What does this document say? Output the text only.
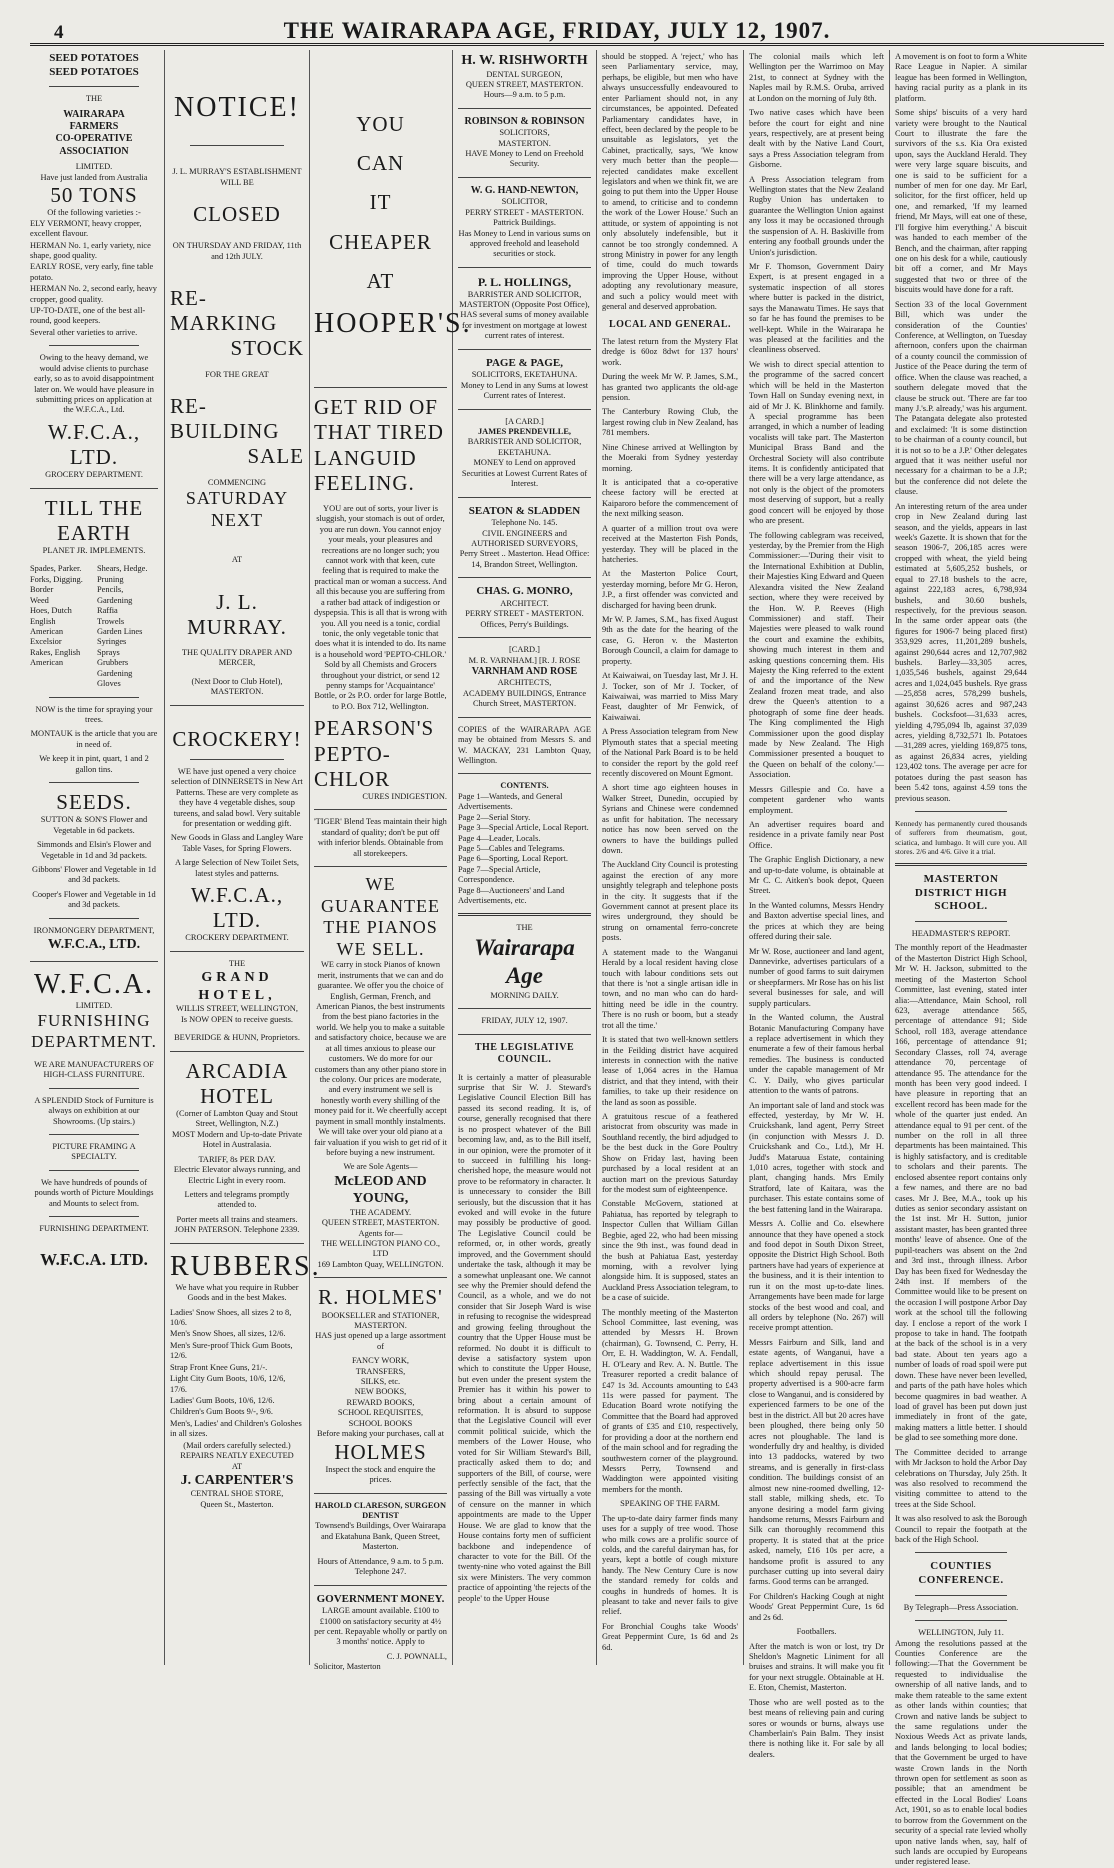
4	THE WAIRARAPA AGE, FRIDAY, JULY 12, 1907.
SEED POTATOES
SEED POTATOES
THE
WAIRARAPA
FARMERS
CO-OPERATIVE
ASSOCIATION
LIMITED.
Have just landed from Australia
50 TONS
Of the following varieties :-
ELY VERMONT, heavy cropper, excellent flavour.
HERMAN No. 1, early variety, nice shape, good quality.
EARLY ROSE, very early, fine table potato.
HERMAN No. 2, second early, heavy cropper, good quality.
UP-TO-DATE, one of the best all-round, good keepers.
Several other varieties to arrive.

Owing to the heavy demand, we would advise clients to purchase early, so as to avoid disappointment later on. We would have pleasure in submitting prices on application at the W.F.C.A., Ltd.

W.F.C.A., LTD.
GROCERY DEPARTMENT.
TILL THE EARTH
PLANET JR. IMPLEMENTS.
Spades, Parker.
Forks, Digging.
Border
Weed
Hoes, Dutch
English
American
Excelsior
Rakes, English
American
Shears, Hedge.
Pruning
Pencils, Gardening
Raffia
Trowels
Garden Lines
Syringes
Sprays
Grubbers
Gardening Gloves

NOW is the time for spraying your trees.

MONTAUK is the article that you are in need of.

We keep it in pint, quart, 1 and 2 gallon tins.

SEEDS.

SUTTON & SON'S Flower and Vegetable in 6d packets.

Simmonds and Elsin's Flower and Vegetable in 1d and 3d packets.

Gibbons' Flower and Vegetable in 1d and 3d packets.

Cooper's Flower and Vegetable in 1d and 3d packets.

IRONMONGERY DEPARTMENT,
W.F.C.A., LTD.
W.F.C.A.
LIMITED.
FURNISHING DEPARTMENT.
WE ARE MANUFACTURERS OF HIGH-CLASS FURNITURE.

A SPLENDID Stock of Furniture is always on exhibition at our Showrooms. (Up stairs.)

PICTURE FRAMING A SPECIALTY.

We have hundreds of pounds of pounds worth of Picture Mouldings and Mounts to select from.

FURNISHING DEPARTMENT.
W.F.C.A. LTD.
NOTICE!
J. L. MURRAY'S ESTABLISHMENT
WILL BE
CLOSED
ON THURSDAY AND FRIDAY, 11th and 12th JULY.
RE-MARKING
STOCK
FOR THE GREAT
RE-BUILDING
SALE
COMMENCING
SATURDAY NEXT
AT
J. L. MURRAY.
THE QUALITY DRAPER AND MERCER,
(Next Door to Club Hotel), MASTERTON.
CROCKERY!

WE have just opened a very choice selection of DINNERSETS in New Art Patterns. These are very complete as they have 4 vegetable dishes, soup tureens, and salad bowl. Very suitable for presentation or wedding gift.

New Goods in Glass and Langley Ware Table Vases, for Spring Flowers.

A large Selection of New Toilet Sets, latest styles and patterns.

W.F.C.A., LTD.
CROCKERY DEPARTMENT.
THE
GRAND HOTEL,
WILLIS STREET, WELLINGTON,
Is NOW OPEN to receive guests.
BEVERIDGE & HUNN, Proprietors.
ARCADIA HOTEL
(Corner of Lambton Quay and Stout Street, Wellington, N.Z.)

MOST Modern and Up-to-date Private Hotel in Australasia.

TARIFF, 8s PER DAY.

Electric Elevator always running, and Electric Light in every room.

Letters and telegrams promptly attended to.

Porter meets all trains and steamers. JOHN PATERSON. Telephone 2339.

RUBBERS.

We have what you require in Rubber Goods and in the best Makes.

Ladies' Snow Shoes, all sizes 2 to 8, 10/6.
Men's Snow Shoes, all sizes, 12/6.
Men's Sure-proof Thick Gum Boots, 12/6.
Strap Front Knee Guns, 21/-.
Light City Gum Boots, 10/6, 12/6, 17/6.
Ladies' Gum Boots, 10/6, 12/6.
Children's Gum Boots 9/-, 9/6.
Men's, Ladies' and Children's Goloshes in all sizes.
(Mail orders carefully selected.)
REPAIRS NEATLY EXECUTED
AT
J. CARPENTER'S
CENTRAL SHOE STORE,
Queen St., Masterton.
YOU
CAN
IT
CHEAPER
AT
HOOPER'S.
GET RID OF THAT TIRED LANGUID FEELING.

YOU are out of sorts, your liver is sluggish, your stomach is out of order, you are run down. You cannot enjoy your meals, your pleasures and recreations are no longer such; you cannot work with that keen, cute feeling that is required to make the practical man or woman a success. And all this because you are suffering from a rather bad attack of indigestion or dyspepsia. This is all that is wrong with you. All you need is a tonic, cordial tonic, the only vegetable tonic that does what it is intended to do. Its name is a household word 'PEPTO-CHLOR.' Sold by all Chemists and Grocers throughout your district, or send 12 penny stamps for 'Acquaintance' Bottle, or 2s P.O. order for large Bottle, to P.O. Box 712, Wellington.

PEARSON'S
PEPTO-CHLOR
CURES INDIGESTION.

'TIGER' Blend Teas maintain their high standard of quality; don't be put off with inferior blends. Obtainable from all storekeepers.

WE GUARANTEE THE PIANOS WE SELL.

WE carry in stock Pianos of known merit, instruments that we can and do guarantee. We offer you the choice of English, German, French, and American Pianos, the best instruments from the best piano factories in the world. We help you to make a suitable and satisfactory choice, because we are at all times anxious to please our customers. We do more for our customers than any other piano store in the colony. Our prices are moderate, and every instrument we sell is honestly worth every shilling of the money paid for it. We cheerfully accept payment in small monthly instalments. We will take over your old piano at a fair valuation if you wish to get rid of it before buying a new instrument.

We are Sole Agents—
McLEOD AND YOUNG,
THE ACADEMY.
QUEEN STREET, MASTERTON.
Agents for—
THE WELLINGTON PIANO CO., LTD
169 Lambton Quay, WELLINGTON.
R. HOLMES'
BOOKSELLER and STATIONER, MASTERTON.

HAS just opened up a large assortment of

FANCY WORK,
TRANSFERS,
SILKS, etc.
NEW BOOKS,
REWARD BOOKS,
SCHOOL REQUISITES,
SCHOOL BOOKS
Before making your purchases, call at
HOLMES
Inspect the stock and enquire the prices.
HAROLD CLARESON, SURGEON DENTIST

Townsend's Buildings, Over Wairarapa and Ekatahuna Bank, Queen Street, Masterton.

Hours of Attendance, 9 a.m. to 5 p.m. Telephone 247.

GOVERNMENT MONEY.

LARGE amount available. £100 to £1000 on satisfactory security at 4½ per cent. Repayable wholly or partly on 3 months' notice. Apply to

C. J. POWNALL,
Solicitor, Masterton
H. W. RISHWORTH
DENTAL SURGEON,
QUEEN STREET, MASTERTON.
Hours—9 a.m. to 5 p.m.
ROBINSON & ROBINSON
SOLICITORS,
MASTERTON.
HAVE Money to Lend on Freehold Security.
W. G. HAND-NEWTON,
SOLICITOR,
PERRY STREET - MASTERTON. Pattrick Buildings.
Has Money to Lend in various sums on approved freehold and leasehold securities or stock.
P. L. HOLLINGS,
BARRISTER AND SOLICITOR,
MASTERTON (Opposite Post Office),
HAS several sums of money available for investment on mortgage at lowest current rates of interest.
PAGE & PAGE,
SOLICITORS, EKETAHUNA.
Money to Lend in any Sums at lowest Current rates of Interest.
[A CARD.]
JAMES PRENDEVILLE,
BARRISTER AND SOLICITOR, EKETAHUNA.
MONEY to Lend on approved Securities at Lowest Current Rates of Interest.
SEATON & SLADDEN
Telephone No. 145.
CIVIL ENGINEERS and AUTHORISED SURVEYORS,
Perry Street .. Masterton. Head Office: 14, Brandon Street, Wellington.
CHAS. G. MONRO,
ARCHITECT.
PERRY STREET - MASTERTON. Offices, Perry's Buildings.
[CARD.]
M. R. VARNHAM.] [R. J. ROSE
VARNHAM AND ROSE
ARCHITECTS,
ACADEMY BUILDINGS, Entrance Church Street, MASTERTON.

COPIES of the WAIRARAPA AGE may be obtained from Messrs S. and W. MACKAY, 231 Lambton Quay, Wellington.

CONTENTS.
Page 1—Wanteds, and General Advertisements.
Page 2—Serial Story.
Page 3—Special Article, Local Report.
Page 4—Leader, Locals.
Page 5—Cables and Telegrams.
Page 6—Sporting, Local Report.
Page 7—Special Article, Correspondence.
Page 8—Auctioneers' and Land Advertisements, etc.
THE
Wairarapa Age
MORNING DAILY.
FRIDAY, JULY 12, 1907.
THE LEGISLATIVE COUNCIL.

It is certainly a matter of pleasurable surprise that Sir W. J. Steward's Legislative Council Election Bill has passed its second reading. It is, of course, generally recognised that there is no prospect whatever of the Bill becoming law, and, as to the Bill itself, in our opinion, were the promoter of it to succeed in fulfilling his long-cherished hope, the measure would not prove to be reformatory in character. It is unnecessary to consider the Bill seriously, but the discussion that it has evoked and will evoke in the future may possibly be productive of good. The Legislative Council could be reformed, or, in other words, greatly improved, and the Government should undertake the task, although it may be a somewhat unpleasant one. We cannot see why the Premier should defend the Council, as a whole, and we do not consider that Sir Joseph Ward is wise in refusing to recognise the widespread and growing feeling throughout the country that the Upper House must be reformed. No doubt it is difficult to devise a satisfactory system upon which to constitute the Upper House, but even under the present system the Premier has it within his power to bring about a certain amount of reformation. It is absurd to suppose that the Legislative Council will ever commit political suicide, which the members of the Lower House, who voted for Sir William Steward's Bill, practically asked them to do; and supporters of the Bill, of course, were perfectly sensible of the fact, that the passing of the Bill was virtually a vote of censure on the manner in which appointments are made to the Upper House. We are glad to know that the House contains forty men of sufficient backbone and independence of character to vote for the Bill. Of the twenty-nine who voted against the Bill six were Ministers. The very common practice of appointing 'the rejects of the people' to the Upper House

should be stopped. A 'reject,' who has seen Parliamentary service, may, perhaps, be eligible, but men who have always unsuccessfully endeavoured to enter Parliament should not, in any circumstances, be appointed. Defeated Parliamentary candidates have, in effect, been declared by the people to be unsuitable as legislators, yet the Cabinet, practically, says, 'We know very much better than the people—rejected candidates make excellent legislators and when we think fit, we are going to put them into the Upper House to amend, to criticise and to condemn the work of the Lower House.' Such an attitude, or system of appointing is not only absolutely indefensible, but it cannot be too strongly condemned. A strong Ministry in power for any length of time, could do much towards improving the Upper House, without adopting any revolutionary measure, and such a policy would meet with general and deserved approbation.

LOCAL AND GENERAL.

The latest return from the Mystery Flat dredge is 60oz 8dwt for 137 hours' work.

During the week Mr W. P. James, S.M., has granted two applicants the old-age pension.

The Canterbury Rowing Club, the largest rowing club in New Zealand, has 781 members.

Nine Chinese arrived at Wellington by the Moeraki from Sydney yesterday morning.

It is anticipated that a co-operative cheese factory will be erected at Kaiparoro before the commencement of the next milking season.

A quarter of a million trout ova were received at the Masterton Fish Ponds, yesterday. They will be placed in the hatcheries.

At the Masterton Police Court, yesterday morning, before Mr G. Heron, J.P., a first offender was convicted and discharged for having been drunk.

Mr W. P. James, S.M., has fixed August 9th as the date for the hearing of the case, G. Heron v. the Masterton Borough Council, a claim for damage to property.

At Kaiwaiwai, on Tuesday last, Mr J. H. J. Tocker, son of Mr J. Tocker, of Kaiwaiwai, was married to Miss Mary Feast, daughter of Mr Fenwick, of Kaiwaiwai.

A Press Association telegram from New Plymouth states that a special meeting of the National Park Board is to be held to consider the report by the gold reef recently discovered on Mount Egmont.

A short time ago eighteen houses in Walker Street, Dunedin, occupied by Syrians and Chinese were condemned as unfit for habitation. The necessary notice has now been served on the owners to have the buildings pulled down.

The Auckland City Council is protesting against the erection of any more unsightly telegraph and telephone posts in the city. It suggests that if the Government cannot at present place its wires underground, they should be strung on ornamental ferro-concrete posts.

A statement made to the Wanganui Herald by a local resident having close touch with labour conditions sets out that there is 'not a single artisan idle in town, and no man who can do hard-hitting need be idle in the country. There is no rush or boom, but a steady trot all the time.'

It is stated that two well-known settlers in the Feilding district have acquired interests in connection with the native lease of 1,064 acres in the Hamua district, and that they intend, with their families, to take up their residence on the land as soon as possible.

A gratuitous rescue of a feathered aristocrat from obscurity was made in Southland recently, the bird adjudged to be the best duck in the Gore Poultry Show on Friday last, having been purchased by a local resident at an auction mart on the previous Saturday for the modest sum of eighteenpence.

Constable McGovern, stationed at Pahiatua, has reported by telegraph to Inspector Cullen that William Gillan Begbie, aged 22, who had been missing since the 9th inst., was found dead in the bush at Pahiatua East, yesterday morning, with a revolver lying alongside him. It is supposed, states an Auckland Press Association telegram, to be a case of suicide.

The monthly meeting of the Masterton School Committee, last evening, was attended by Messrs H. Brown (chairman), G. Townsend, C. Perry, H. Orr, E. H. Waddington, W. A. Fendall, H. O'Leary and Rev. A. N. Buttle. The Treasurer reported a credit balance of £47 1s 3d. Accounts amounting to £43 11s were passed for payment. The Education Board wrote notifying the Committee that the Board had approved of grants of £35 and £10, respectively, for providing a door at the northern end of the main school and for regrading the southwestern corner of the playground. Messrs Perry, Townsend and Waddington were appointed visiting members for the month.

SPEAKING OF THE FARM.

The up-to-date dairy farmer finds many uses for a supply of tree wood. Those who milk cows are a prolific source of colds, and the careful dairyman has, for years, kept a bottle of cough mixture handy. The New Century Cure is now the standard remedy for colds and coughs in hundreds of homes. It is pleasant to take and never fails to give relief.

For Bronchial Coughs take Woods' Great Peppermint Cure, 1s 6d and 2s 6d.

The colonial mails which left Wellington per the Warrimoo on May 21st, to connect at Sydney with the Naples mail by R.M.S. Oruba, arrived at London on the morning of July 8th.

Two native cases which have been before the court for eight and nine years, respectively, are at present being dealt with by the Native Land Court, says a Press Association telegram from Gisborne.

A Press Association telegram from Wellington states that the New Zealand Rugby Union has undertaken to guarantee the Wellington Union against any loss it may be occasioned through the suspension of A. H. Baskiville from entering any football grounds under the Union's jurisdiction.

Mr F. Thomson, Government Dairy Expert, is at present engaged in a systematic inspection of all stores where butter is packed in the district, says the Manawatu Times. He says that so far he has found the premises to be well-kept. While in the Wairarapa he was pleased at the facilities and the cleanliness observed.

We wish to direct special attention to the programme of the sacred concert which will be held in the Masterton Town Hall on Sunday evening next, in aid of Mr J. K. Blinkhorne and family. A special programme has been arranged, in which a number of leading vocalists will take part. The Masterton Municipal Brass Band and the Orchestral Society will also contribute items. It is confidently anticipated that there will be a very large attendance, as not only is the object of the promoters most deserving of support, but a really good concert will be enjoyed by those who are present.

The following cablegram was received, yesterday, by the Premier from the High Commissioner:—'During their visit to the International Exhibition at Dublin, their Majesties King Edward and Queen Alexandra visited the New Zealand section, where they were received by the Hon. W. P. Reeves (High Commissioner) and staff. Their Majesties were pleased to walk round the court and examine the exhibits, showing much interest in them and asking questions concerning them. His Majesty the King referred to the extent of and the importance of the New Zealand frozen meat trade, and also drew the Queen's attention to a photograph of some fine deer heads. The King complimented the High Commissioner upon the good display made by New Zealand. The High Commissioner presented a bouquet to the Queen on behalf of the colony.'—Association.

Messrs Gillespie and Co. have a competent gardener who wants employment.

An advertiser requires board and residence in a private family near Post Office.

The Graphic English Dictionary, a new and up-to-date volume, is obtainable at Mr C. C. Aitken's book depot, Queen Street.

In the Wanted columns, Messrs Hendry and Baxton advertise special lines, and the prices at which they are being offered during their sale.

Mr W. Rose, auctioneer and land agent, Dannevirke, advertises particulars of a number of good farms to suit dairymen or sheepfarmers. Mr Rose has on his list several businesses for sale, and will supply particulars.

In the Wanted column, the Austral Botanic Manufacturing Company have a replace advertisement in which they enumerate a few of their famous herbal remedies. The business is conducted under the capable management of Mr C. Y. Daily, who gives particular attention to the wants of patrons.

An important sale of land and stock was effected, yesterday, by Mr W. H. Cruickshank, land agent, Perry Street (in conjunction with Messrs J. D. Cruickshank and Co., Ltd.), Mr H. Judd's Mataruua Estate, containing 1,010 acres, together with stock and plant, changing hands. Mrs Emily Stratford, late of Kaitara, was the purchaser. This estate contains some of the best fattening land in the Wairarapa.

Messrs A. Collie and Co. elsewhere announce that they have opened a stock and food depot in South Dixon Street, opposite the District High School. Both partners have had years of experience at the business, and it is their intention to run it on the most up-to-date lines. Arrangements have been made for large stocks of the best wood and coal, and all orders by telephone (No. 267) will receive prompt attention.

Messrs Fairburn and Silk, land and estate agents, of Wanganui, have a replace advertisement in this issue which should repay perusal. The property advertised is a 900-acre farm close to Wanganui, and is considered by experienced farmers to be one of the best in the district. All but 20 acres have been ploughed, there being only 50 acres not ploughable. The land is wonderfully dry and healthy, is divided into 13 paddocks, watered by two streams, and is generally in first-class condition. The buildings consist of an almost new nine-roomed dwelling, 12-stall stable, milking sheds, etc. To anyone desiring a model farm giving handsome returns, Messrs Fairburn and Silk can thoroughly recommend this property. It is stated that at the price asked, namely, £16 10s per acre, a handsome profit is assured to any purchaser cutting up into several dairy farms. Good terms can be arranged.

For Children's Hacking Cough at night Woods' Great Peppermint Cure, 1s 6d and 2s 6d.

Footballers.

After the match is won or lost, try Dr Sheldon's Magnetic Liniment for all bruises and strains. It will make you fit for your next struggle. Obtainable at H. E. Eton, Chemist, Masterton.

Those who are well posted as to the best means of relieving pain and curing sores or wounds or burns, always use Chamberlain's Pain Balm. They insist there is nothing like it. For sale by all dealers.

A movement is on foot to form a White Race League in Napier. A similar league has been formed in Wellington, having racial purity as a plank in its platform.

Some ships' biscuits of a very hard variety were brought to the Nautical Court to illustrate the fare the survivors of the s.s. Kia Ora existed upon, says the Auckland Herald. They were very large square biscuits, and one is said to be sufficient for a number of men for one day. Mr Earl, solicitor, for the first officer, held up one, and remarked, 'If my learned friend, Mr Mays, will eat one of these, I'll forgive him everything.' A biscuit was handed to each member of the Bench, and the chairman, after rapping one on his desk for a while, cautiously bit off a corner, and Mr Mays suggested that two or three of the biscuits would have done for a raft.

Section 33 of the local Government Bill, which was under the consideration of the Counties' Conference, at Wellington, on Tuesday afternoon, confers upon the chairman of a county council the commission of Justice of the Peace during the term of office. When the clause was reached, a southern delegate moved that the clause be struck out. 'There are far too many J.'s.P. already,' was his argument. The Patangata delegate also protested and exclaimed: 'It is some distinction to be chairman of a county council, but it is not so to be a J.P.' Other delegates argued that it was neither useful nor necessary for a chairman to be a J.P.; but the conference did not delete the clause.

An interesting return of the area under crop in New Zealand during last season, and the yields, appears in last week's Gazette. It is shown that for the season 1906-7, 206,185 acres were cropped with wheat, the yield being estimated at 5,605,252 bushels, or equal to 27.18 bushels to the acre, against 222,183 acres, 6,798,934 bushels, and 30.60 bushels, respectively, for the previous season. In the same order appear oats (the figures for 1906-7 being placed first) 353,929 acres, 11,201,289 bushels, against 290,644 acres and 12,707,982 bushels. Barley—33,305 acres, 1,035,546 bushels, against 29,644 acres and 1,024,045 bushels. Rye grass—25,858 acres, 578,299 bushels, against 30,626 acres and 987,243 bushels. Cocksfoot—31,633 acres, yielding 4,795,094 lb, against 37,039 acres, yielding 8,732,571 lb. Potatoes—31,289 acres, yielding 169,875 tons, as against 26,834 acres, yielding 123,402 tons. The average per acre for potatoes during the past season has been 5.42 tons, against 4.59 tons the previous season.

Kennedy has permanently cured thousands of sufferers from rheumatism, gout, sciatica, and lumbago. It will cure you. All stores. 2/6 and 4/6. Give it a trial.

MASTERTON DISTRICT HIGH SCHOOL.
HEADMASTER'S REPORT.

The monthly report of the Headmaster of the Masterton District High School, Mr W. H. Jackson, submitted to the meeting of the Masterton School Committee, last evening, stated inter alia:—Attendance, Main School, roll 623, average attendance 565, percentage of attendance 91; Side School, roll 183, average attendance 166, percentage of attendance 91; Secondary Classes, roll 74, average attendance 70, percentage of attendance 95. The attendance for the month has been very good indeed. I have pleasure in reporting that an excellent record has been made for the whole of the quarter just ended. An attendance equal to 91 per cent. of the number on the roll in all three departments has been maintained. This is highly satisfactory, and is creditable to scholars and their parents. The enclosed absentee report contains only a few names, and there are no bad cases. Mr J. Bee, M.A., took up his duties as senior secondary assistant on the 1st inst. Mr H. Sutton, junior assistant master, has been granted three months' leave of absence. One of the pupil-teachers was absent on the 2nd and 3rd inst., through illness. Arbor Day has been fixed for Wednesday the 24th inst. If members of the Committee would like to be present on the occasion I will postpone Arbor Day work at the school till the following day. I enclose a report of the work I propose to take in hand. The footpath at the back of the school is in a very bad state. About ten years ago a number of loads of road spoil were put down. These have never been levelled, and parts of the path have holes which become quagmires in bad weather. A load of gravel has been put down just immediately in front of the gate, making matters a little better. I should be glad to see something more done.

The Committee decided to arrange with Mr Jackson to hold the Arbor Day celebrations on Thursday, July 25th. It was also resolved to recommend the visiting committee to attend to the trees at the Side School.

It was also resolved to ask the Borough Council to repair the footpath at the back of the High School.

COUNTIES CONFERENCE.
By Telegraph—Press Association.
WELLINGTON, July 11.

Among the resolutions passed at the Counties Conference are the following:—That the Government be requested to individualise the ownership of all native lands, and to make them rateable to the same extent as other lands within counties; that Crown and native lands be subject to the same regulations under the Noxious Weeds Act as private lands, and lands belonging to local bodies; that the Government be urged to have waste Crown lands in the North thrown open for settlement as soon as possible; that an amendment be effected in the Local Bodies' Loans Act, 1901, so as to enable local bodies to borrow from the Government on the security of a special rate levied wholly upon native lands when, say, half of such lands are occupied by Europeans under registered lease.
